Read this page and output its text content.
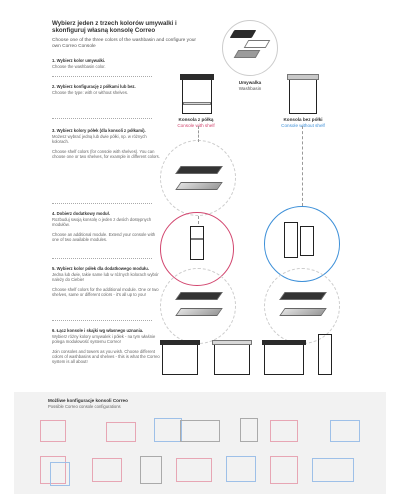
Wybierz jeden z trzech kolorów umywalki i skonfiguruj własną konsolę Correo
Choose one of the three colors of the washbasin and configure your own Correo Console
1. Wybierz kolor umywalki.
Choose the washbasin color.
2. Wybierz konfigurację z półkami lub bez.
Choose the type: with or without shelves.
3. Wybierz kolory półek (dla konsoli z półkami).
Możesz wybrać jedną lub dwie półki, np. w różnych kolorach.
Choose shelf colors (for console with shelves). You can choose one or two shelves, for example in different colors.
4. Dobierz dodatkowy moduł.
Rozbuduj swoją konsolę o jeden z dwóch dostępnych modułów.
Choose an additional module. Extend your console with one of two available modules.
5. Wybierz kolor półek dla dodatkowego modułu.
Jedna lub dwie, takie same lub w różnych kolorach wybór należy do Ciebie!
Choose shelf colors for the additional module. One or two shelves, same or different colors - it's all up to you!
6. Łącz konsole i skajki wg własnego uznania.
Wybierz różny kolory umywalek i półek - na tym właśnie polega modułowość systemu Correo!
Join consoles and towers as you wish. Choose different colors of washbasins and shelves - this is what the Correo system is all about!
Umywalka
Washbasin
Konsola z półką
Console with shelf
Konsola bez półki
Console without shelf
Możliwe konfiguracje konsoli Correo
Possible Correo console configurations
